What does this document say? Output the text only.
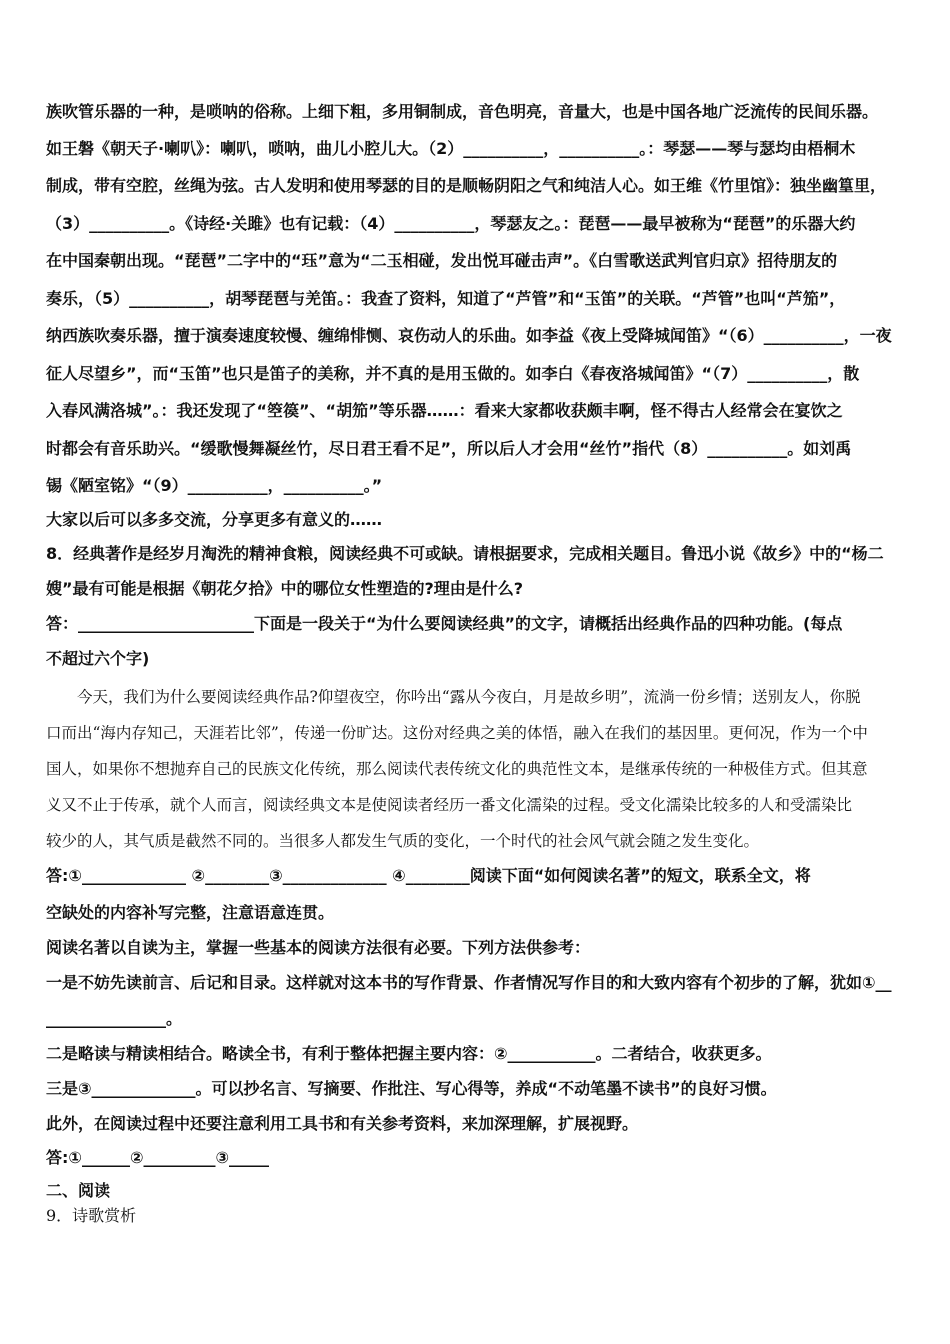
族吹管乐器的一种，是唢呐的俗称。上细下粗，多用铜制成，音色明亮，音量大，也是中国各地广泛流传的民间乐器。
如王磐《朝天子·喇叭》：喇叭，唢呐，曲儿小腔儿大。（2）__________，__________。：琴瑟——琴与瑟均由梧桐木
制成，带有空腔，丝绳为弦。古人发明和使用琴瑟的目的是顺畅阴阳之气和纯洁人心。如王维《竹里馆》：独坐幽篁里，
（3）__________。《诗经·关雎》也有记载：（4）__________，琴瑟友之。：琵琶——最早被称为“琵琶”的乐器大约
在中国秦朝出现。“琵琶”二字中的“珏”意为“二玉相碰，发出悦耳碰击声”。《白雪歌送武判官归京》招待朋友的
奏乐，（5）__________，胡琴琵琶与羌笛。：我查了资料，知道了“芦管”和“玉笛”的关联。“芦管”也叫“芦笳”，
纳西族吹奏乐器，擅于演奏速度较慢、缠绵悱恻、哀伤动人的乐曲。如李益《夜上受降城闻笛》“（6）__________，一夜
征人尽望乡”，而“玉笛”也只是笛子的美称，并不真的是用玉做的。如李白《春夜洛城闻笛》“（7）__________，散
入春风满洛城”。：我还发现了“箜篌”、“胡笳”等乐器……：看来大家都收获颇丰啊，怪不得古人经常会在宴饮之
时都会有音乐助兴。“缓歌慢舞凝丝竹，尽日君王看不足”，所以后人才会用“丝竹”指代（8）__________。如刘禹
锡《陋室铭》“（9）__________，__________。”
大家以后可以多多交流，分享更多有意义的……
8．经典著作是经岁月淘洗的精神食粮，阅读经典不可或缺。请根据要求，完成相关题目。鲁迅小说《故乡》中的“杨二
嫂”最有可能是根据《朝花夕拾》中的哪位女性塑造的?理由是什么?
答：______________________下面是一段关于“为什么要阅读经典”的文字，请概括出经典作品的四种功能。(每点
不超过六个字)
　　今天，我们为什么要阅读经典作品?仰望夜空，你吟出“露从今夜白，月是故乡明”，流淌一份乡情；送别友人，你脱
口而出“海内存知己，天涯若比邻”，传递一份旷达。这份对经典之美的体悟，融入在我们的基因里。更何况，作为一个中
国人，如果你不想抛弃自己的民族文化传统，那么阅读代表传统文化的典范性文本，是继承传统的一种极佳方式。但其意
义又不止于传承，就个人而言，阅读经典文本是使阅读者经历一番文化濡染的过程。受文化濡染比较多的人和受濡染比
较少的人，其气质是截然不同的。当很多人都发生气质的变化，一个时代的社会风气就会随之发生变化。
答:①_____________ ②________③_____________ ④________阅读下面“如何阅读名著”的短文，联系全文，将
空缺处的内容补写完整，注意语意连贯。
阅读名著以自读为主，掌握一些基本的阅读方法很有必要。下列方法供参考：
一是不妨先读前言、后记和目录。这样就对这本书的写作背景、作者情况写作目的和大致内容有个初步的了解，犹如①__
_______________。
二是略读与精读相结合。略读全书，有利于整体把握主要内容：②___________。二者结合，收获更多。
三是③_____________。可以抄名言、写摘要、作批注、写心得等，养成“不动笔墨不读书”的良好习惯。
此外，在阅读过程中还要注意利用工具书和有关参考资料，来加深理解，扩展视野。
答:①______②_________③_____
二、阅读
9．诗歌赏析
